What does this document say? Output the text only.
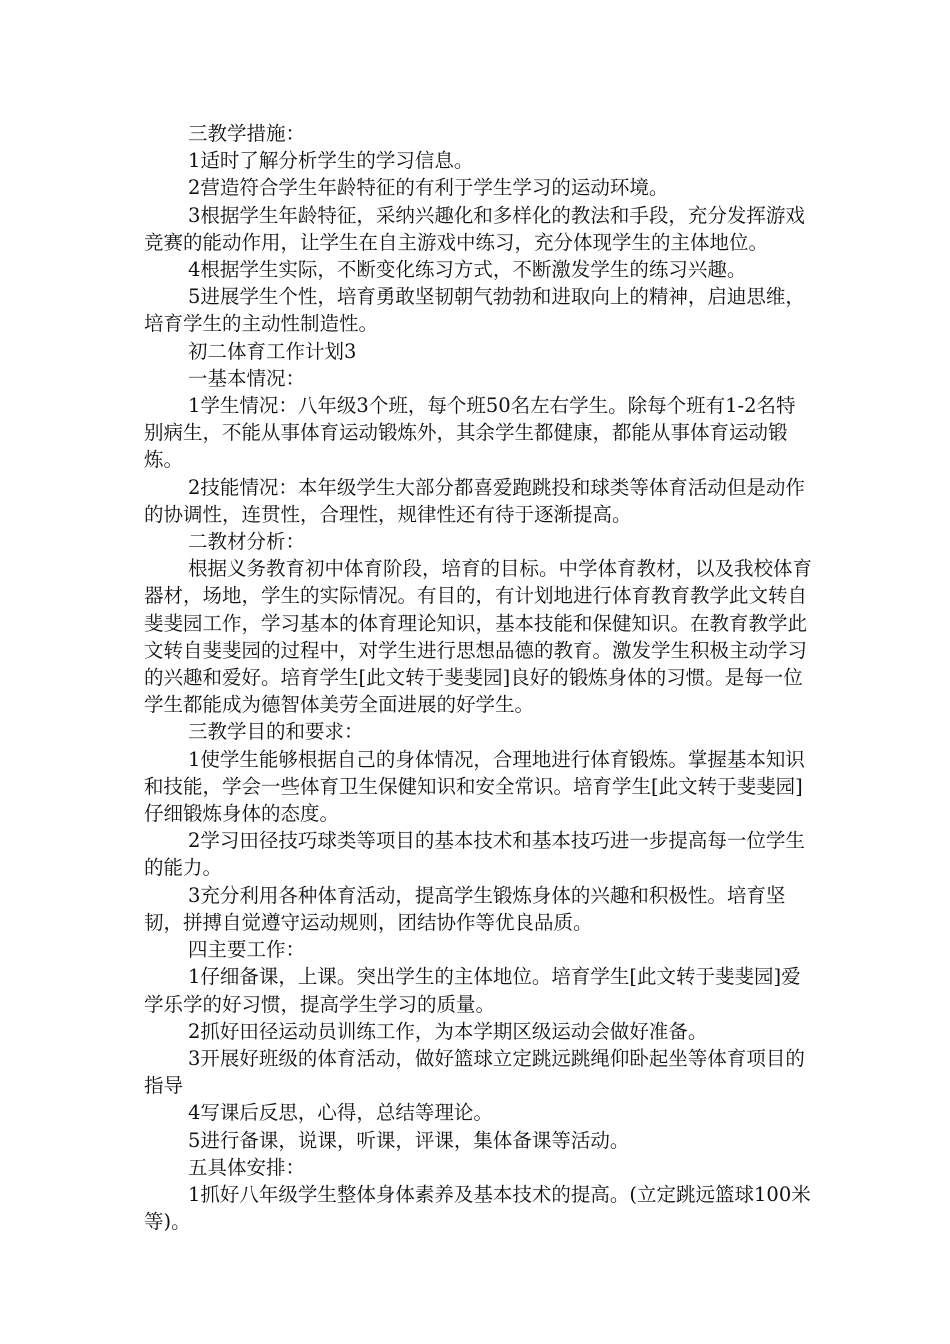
三教学措施：

1适时了解分析学生的学习信息。

2营造符合学生年龄特征的有利于学生学习的运动环境。

3根据学生年龄特征，采纳兴趣化和多样化的教法和手段，充分发挥游戏竞赛的能动作用，让学生在自主游戏中练习，充分体现学生的主体地位。

4根据学生实际，不断变化练习方式，不断激发学生的练习兴趣。

5进展学生个性，培育勇敢坚韧朝气勃勃和进取向上的精神，启迪思维，培育学生的主动性制造性。

初二体育工作计划3

一基本情况：

1学生情况：八年级3个班，每个班50名左右学生。除每个班有1-2名特别病生，不能从事体育运动锻炼外，其余学生都健康，都能从事体育运动锻炼。

2技能情况：本年级学生大部分都喜爱跑跳投和球类等体育活动但是动作的协调性，连贯性，合理性，规律性还有待于逐渐提高。

二教材分析：

根据义务教育初中体育阶段，培育的目标。中学体育教材，以及我校体育器材，场地，学生的实际情况。有目的，有计划地进行体育教育教学此文转自斐斐园工作，学习基本的体育理论知识，基本技能和保健知识。在教育教学此文转自斐斐园的过程中，对学生进行思想品德的教育。激发学生积极主动学习的兴趣和爱好。培育学生[此文转于斐斐园]良好的锻炼身体的习惯。是每一位学生都能成为德智体美劳全面进展的好学生。

三教学目的和要求：

1使学生能够根据自己的身体情况，合理地进行体育锻炼。掌握基本知识和技能，学会一些体育卫生保健知识和安全常识。培育学生[此文转于斐斐园]仔细锻炼身体的态度。

2学习田径技巧球类等项目的基本技术和基本技巧进一步提高每一位学生的能力。

3充分利用各种体育活动，提高学生锻炼身体的兴趣和积极性。培育坚韧，拼搏自觉遵守运动规则，团结协作等优良品质。

四主要工作：

1仔细备课，上课。突出学生的主体地位。培育学生[此文转于斐斐园]爱学乐学的好习惯，提高学生学习的质量。

2抓好田径运动员训练工作，为本学期区级运动会做好准备。

3开展好班级的体育活动，做好篮球立定跳远跳绳仰卧起坐等体育项目的指导

4写课后反思，心得，总结等理论。

5进行备课，说课，听课，评课，集体备课等活动。

五具体安排：

1抓好八年级学生整体身体素养及基本技术的提高。(立定跳远篮球100米等)。
